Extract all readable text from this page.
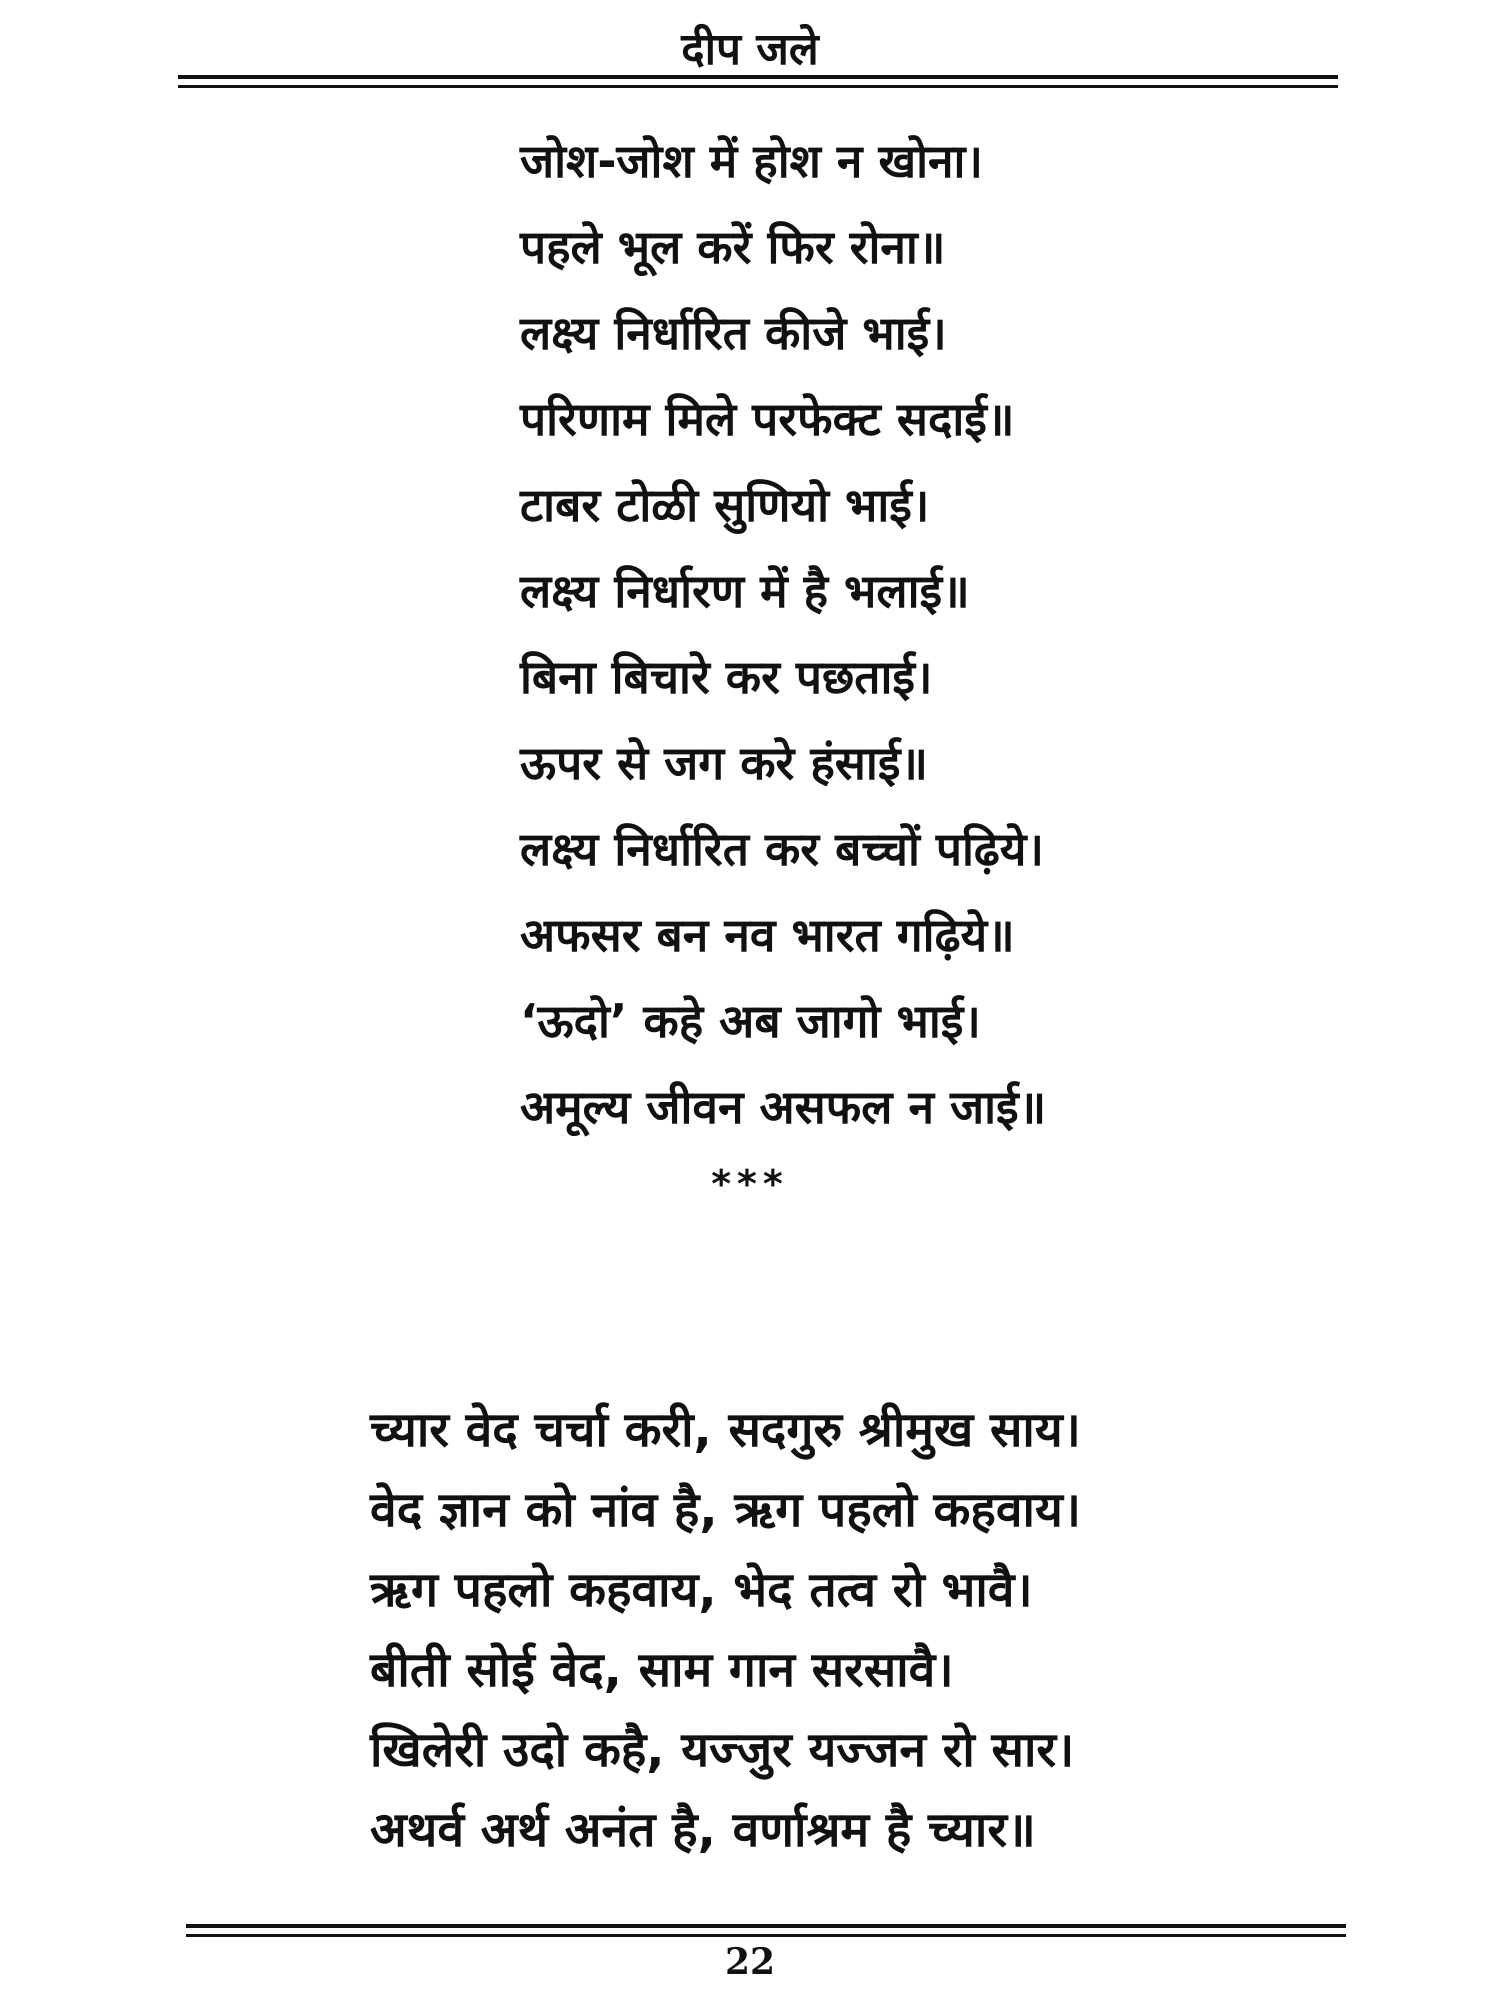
दीप जले
जोश-जोश में होश न खोना।
पहले भूल करें फिर रोना॥
लक्ष्य निर्धारित कीजे भाई।
परिणाम मिले परफेक्ट सदाई॥
टाबर टोळी सुणियो भाई।
लक्ष्य निर्धारण में है भलाई॥
बिना बिचारे कर पछताई।
ऊपर से जग करे हंसाई॥
लक्ष्य निर्धारित कर बच्चों पढ़िये।
अफसर बन नव भारत गढ़िये॥
‘ऊदो’ कहे अब जागो भाई।
अमूल्य जीवन असफल न जाई॥
***
च्यार वेद चर्चा करी, सदगुरु श्रीमुख साय।
वेद ज्ञान को नांव है, ऋग पहलो कहवाय।
ऋग पहलो कहवाय, भेद तत्व रो भावै।
बीती सोई वेद, साम गान सरसावै।
खिलेरी उदो कहै, यज्जुर यज्जन रो सार।
अथर्व अर्थ अनंत है, वर्णाश्रम है च्यार॥
22
